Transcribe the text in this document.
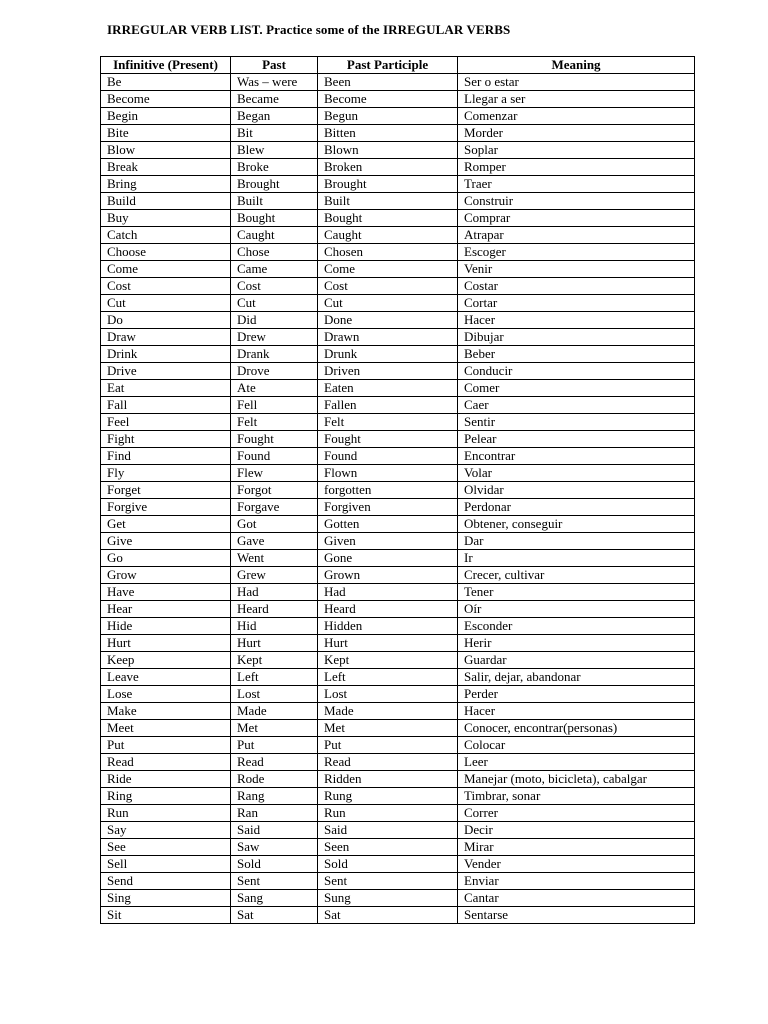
IRREGULAR VERB LIST. Practice some of the IRREGULAR VERBS
Infinitive (Present)	Past	Past Participle	Meaning
Be	Was – were	Been	Ser o estar
Become	Became	Become	Llegar a ser
Begin	Began	Begun	Comenzar
Bite	Bit	Bitten	Morder
Blow	Blew	Blown	Soplar
Break	Broke	Broken	Romper
Bring	Brought	Brought	Traer
Build	Built	Built	Construir
Buy	Bought	Bought	Comprar
Catch	Caught	Caught	Atrapar
Choose	Chose	Chosen	Escoger
Come	Came	Come	Venir
Cost	Cost	Cost	Costar
Cut	Cut	Cut	Cortar
Do	Did	Done	Hacer
Draw	Drew	Drawn	Dibujar
Drink	Drank	Drunk	Beber
Drive	Drove	Driven	Conducir
Eat	Ate	Eaten	Comer
Fall	Fell	Fallen	Caer
Feel	Felt	Felt	Sentir
Fight	Fought	Fought	Pelear
Find	Found	Found	Encontrar
Fly	Flew	Flown	Volar
Forget	Forgot	forgotten	Olvidar
Forgive	Forgave	Forgiven	Perdonar
Get	Got	Gotten	Obtener, conseguir
Give	Gave	Given	Dar
Go	Went	Gone	Ir
Grow	Grew	Grown	Crecer, cultivar
Have	Had	Had	Tener
Hear	Heard	Heard	Oír
Hide	Hid	Hidden	Esconder
Hurt	Hurt	Hurt	Herir
Keep	Kept	Kept	Guardar
Leave	Left	Left	Salir, dejar, abandonar
Lose	Lost	Lost	Perder
Make	Made	Made	Hacer
Meet	Met	Met	Conocer, encontrar(personas)
Put	Put	Put	Colocar
Read	Read	Read	Leer
Ride	Rode	Ridden	Manejar (moto, bicicleta), cabalgar
Ring	Rang	Rung	Timbrar, sonar
Run	Ran	Run	Correr
Say	Said	Said	Decir
See	Saw	Seen	Mirar
Sell	Sold	Sold	Vender
Send	Sent	Sent	Enviar
Sing	Sang	Sung	Cantar
Sit	Sat	Sat	Sentarse
